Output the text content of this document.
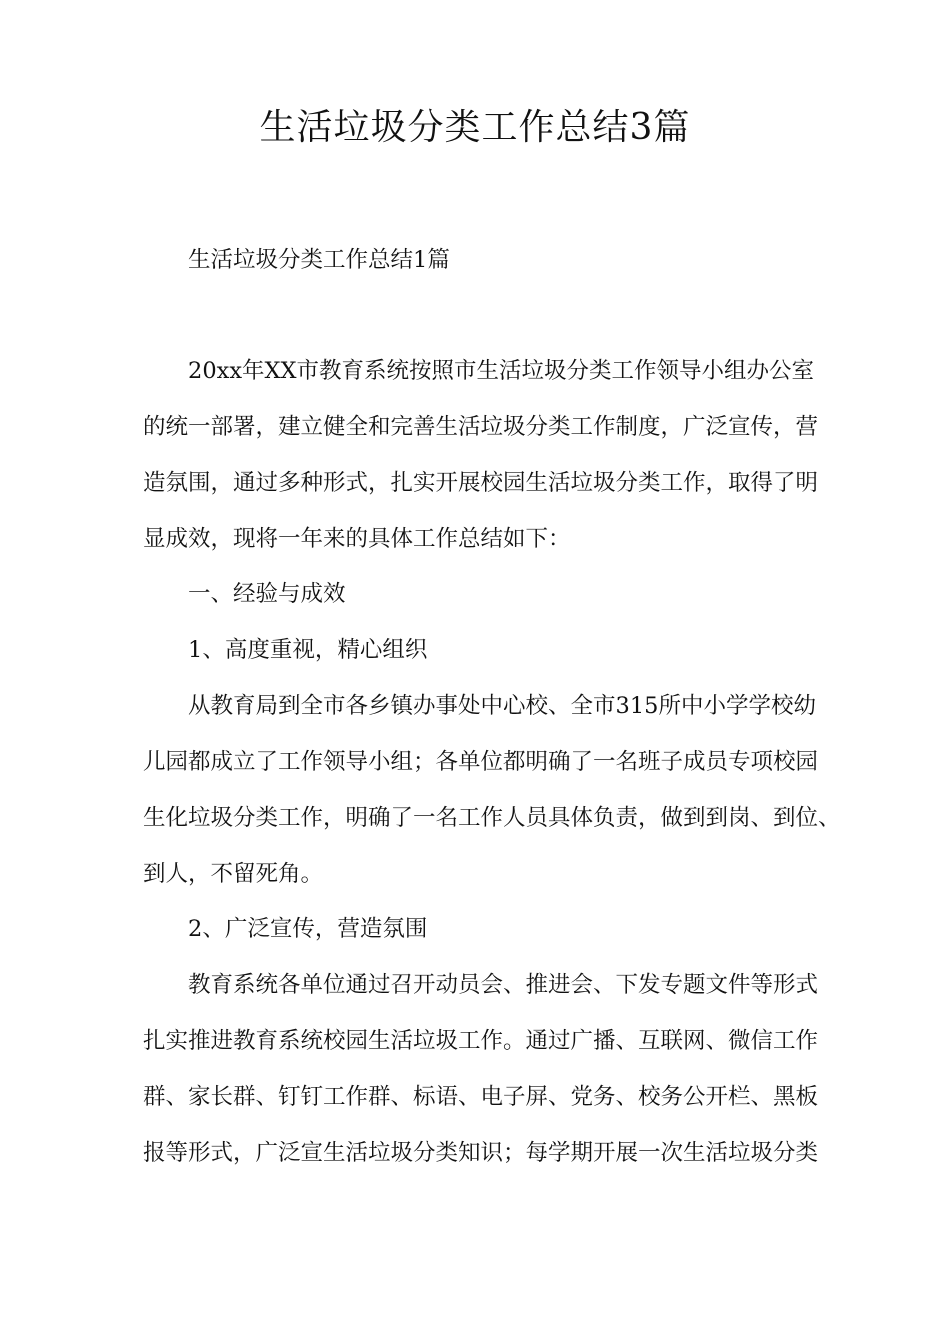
生活垃圾分类工作总结3篇

生活垃圾分类工作总结1篇

20xx年XX市教育系统按照市生活垃圾分类工作领导小组办公室

的统一部署，建立健全和完善生活垃圾分类工作制度，广泛宣传，营

造氛围，通过多种形式，扎实开展校园生活垃圾分类工作，取得了明

显成效，现将一年来的具体工作总结如下：

一、经验与成效

1、高度重视，精心组织

从教育局到全市各乡镇办事处中心校、全市315所中小学学校幼

儿园都成立了工作领导小组；各单位都明确了一名班子成员专项校园

生化垃圾分类工作，明确了一名工作人员具体负责，做到到岗、到位、

到人，不留死角。

2、广泛宣传，营造氛围

教育系统各单位通过召开动员会、推进会、下发专题文件等形式

扎实推进教育系统校园生活垃圾工作。通过广播、互联网、微信工作

群、家长群、钉钉工作群、标语、电子屏、党务、校务公开栏、黑板

报等形式，广泛宣生活垃圾分类知识；每学期开展一次生活垃圾分类
